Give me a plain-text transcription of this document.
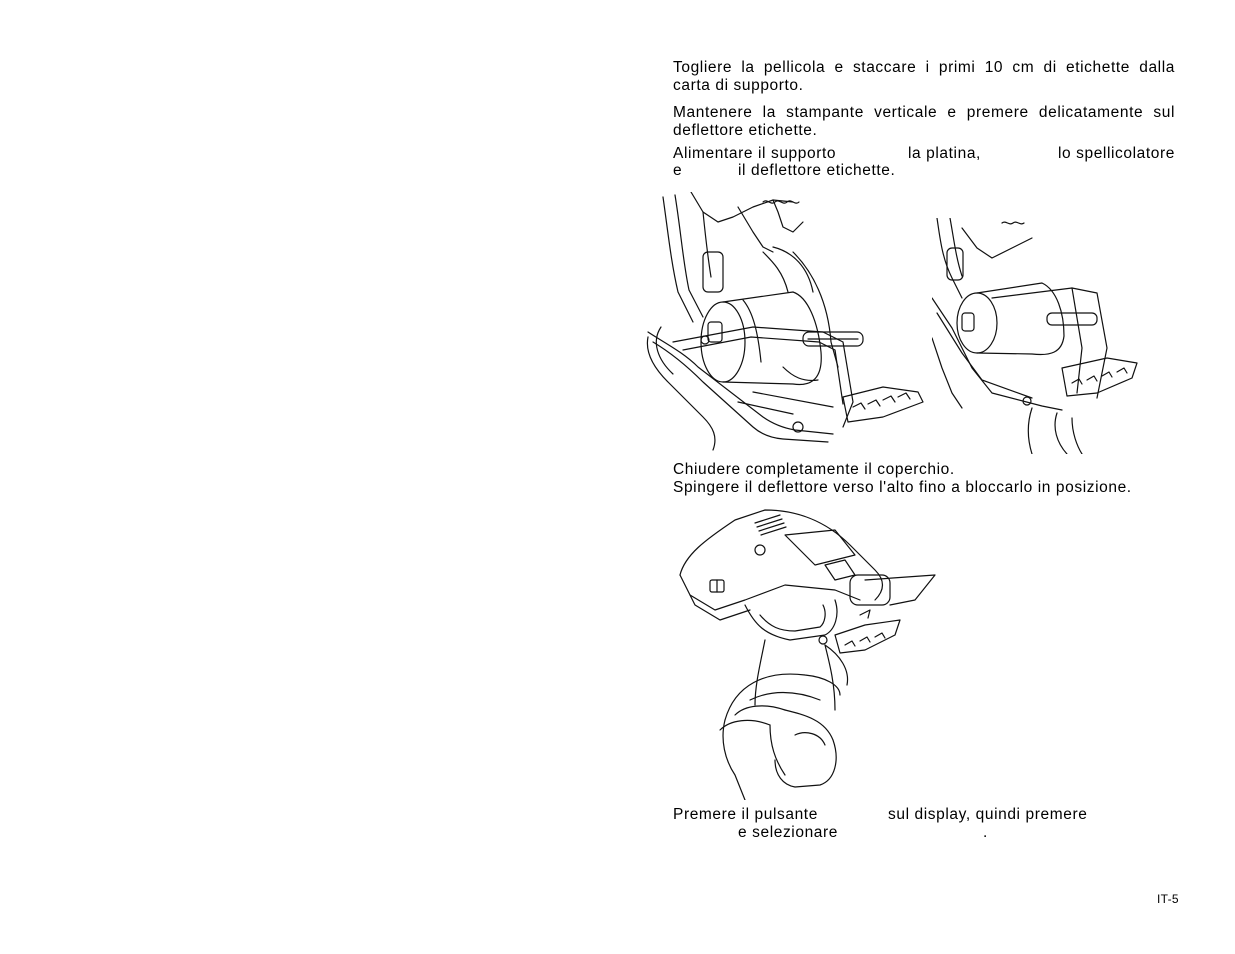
Togliere la pellicola e staccare i primi 10 cm di etichette dalla
carta di supporto.

Mantenere la stampante verticale e premere delicatamente sul
deflettore etichette.

Alimentare il supporto	la platina,	lo spellicolatore
e	il deflettore etichette.

Chiudere completamente il coperchio.
Spingere il deflettore verso l'alto fino a bloccarlo in posizione.

Premere il pulsante	sul display, quindi premere
e selezionare	.
IT-5
